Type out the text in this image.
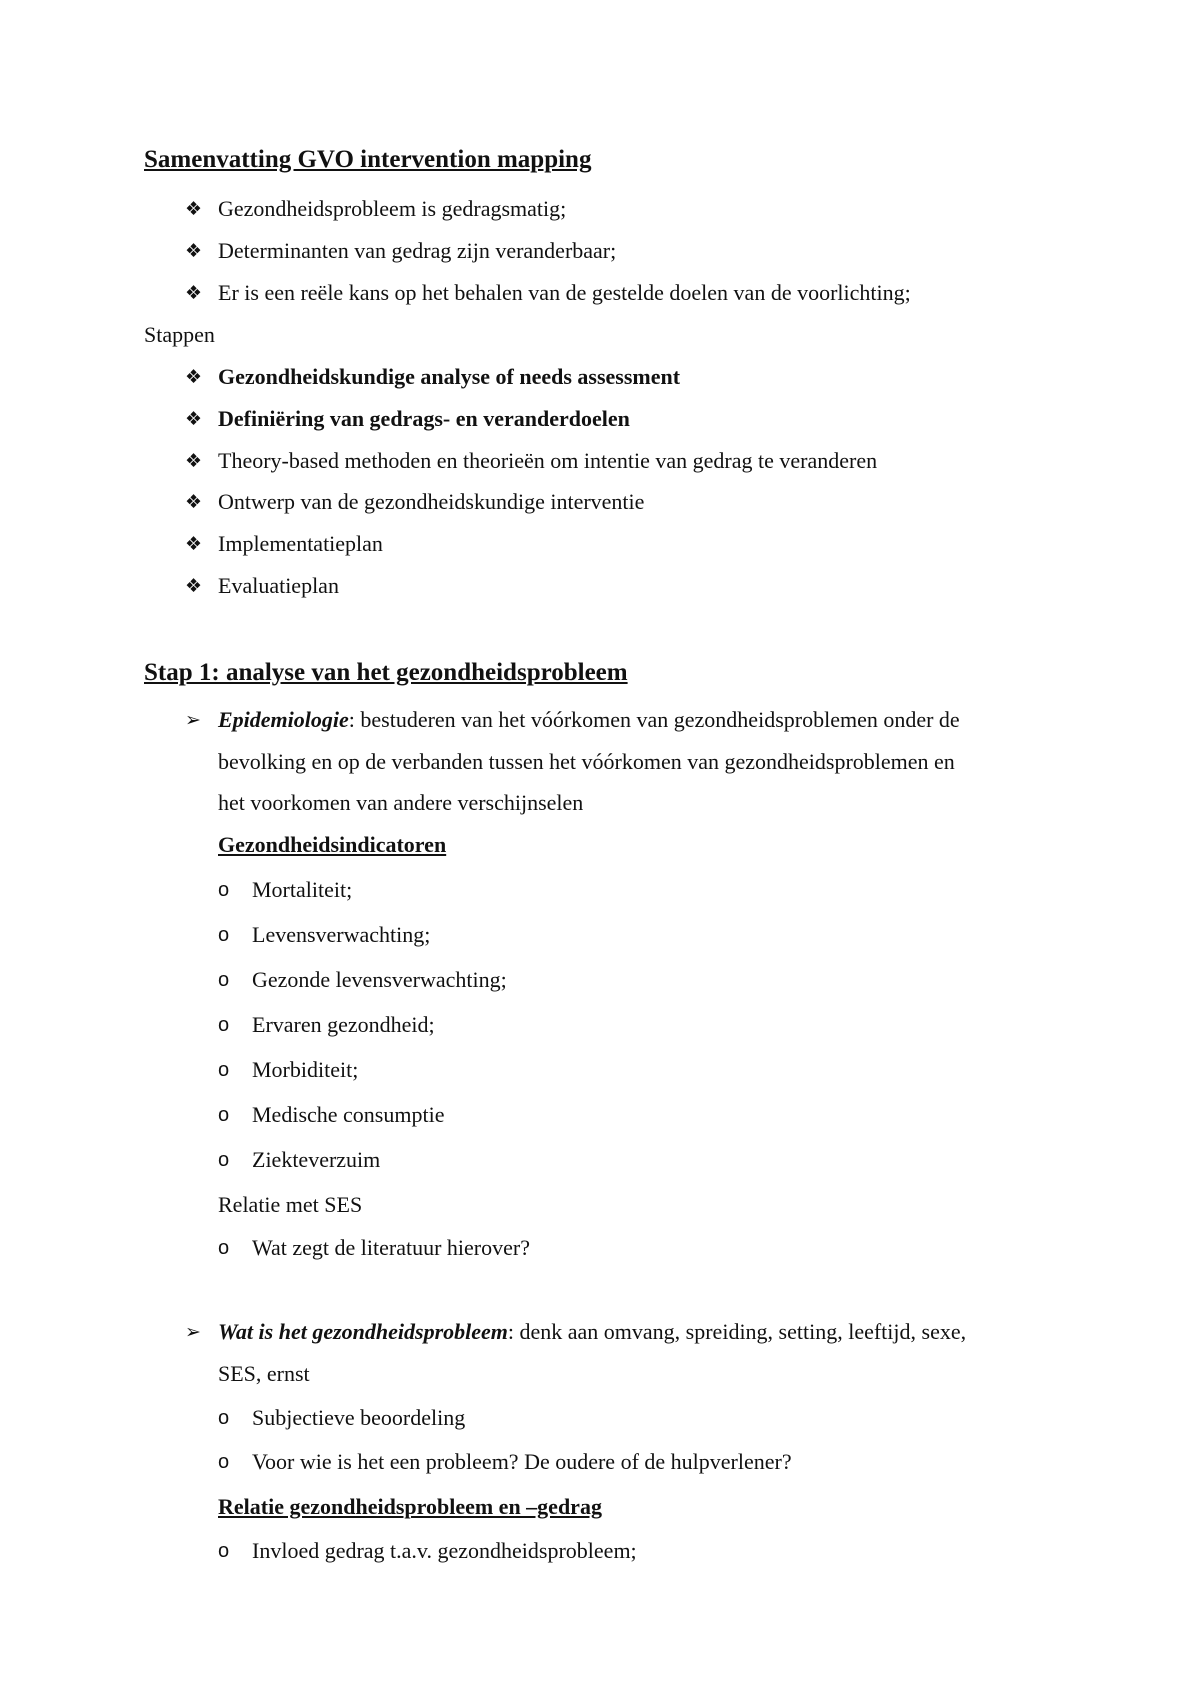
Samenvatting GVO intervention mapping
❖ Gezondheidsprobleem is gedragsmatig;
❖ Determinanten van gedrag zijn veranderbaar;
❖ Er is een reële kans op het behalen van de gestelde doelen van de voorlichting;
Stappen
❖ Gezondheidskundige analyse of needs assessment
❖ Definiëring van gedrags- en veranderdoelen
❖ Theory-based methoden en theorieën om intentie van gedrag te veranderen
❖ Ontwerp van de gezondheidskundige interventie
❖ Implementatieplan
❖ Evaluatieplan
Stap 1: analyse van het gezondheidsprobleem
➢ Epidemiologie: bestuderen van het vóórkomen van gezondheidsproblemen onder de
bevolking en op de verbanden tussen het vóórkomen van gezondheidsproblemen en
het voorkomen van andere verschijnselen
Gezondheidsindicatoren
o Mortaliteit;
o Levensverwachting;
o Gezonde levensverwachting;
o Ervaren gezondheid;
o Morbiditeit;
o Medische consumptie
o Ziekteverzuim
Relatie met SES
o Wat zegt de literatuur hierover?
➢ Wat is het gezondheidsprobleem: denk aan omvang, spreiding, setting, leeftijd, sexe,
SES, ernst
o Subjectieve beoordeling
o Voor wie is het een probleem? De oudere of de hulpverlener?
Relatie gezondheidsprobleem en –gedrag
o Invloed gedrag t.a.v. gezondheidsprobleem;
